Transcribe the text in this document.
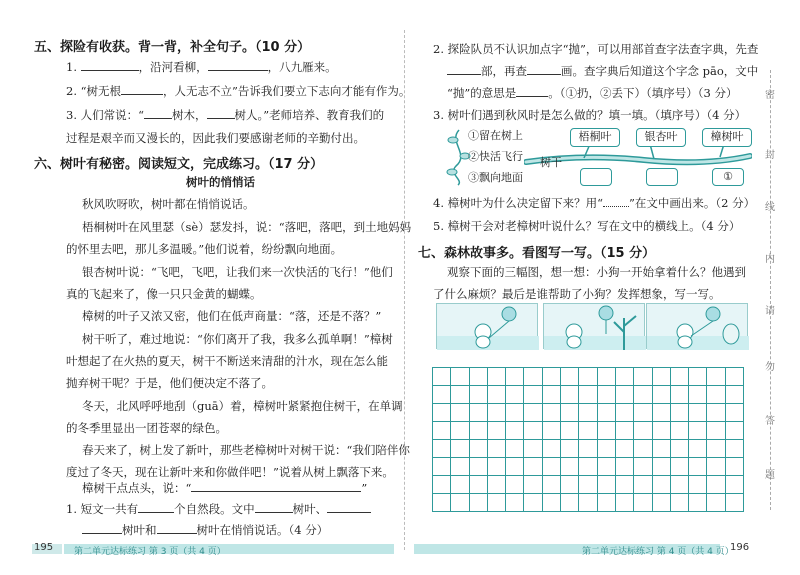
五、探险有收获。背一背，补全句子。（10 分）
1.	，沿河看柳，	，八九雁来。
2. “树无根	，人无志不立”告诉我们要立下志向才能有作为。
3. 人们常说：“ 树木， 树人。”老师培养、教育我们的
过程是艰辛而又漫长的，因此我们要感谢老师的辛勤付出。
六、树叶有秘密。阅读短文，完成练习。（17 分）
树叶的悄悄话
秋风吹呀吹，树叶都在悄悄说话。
梧桐树叶在风里瑟（sè）瑟发抖，说：“落吧，落吧，到土地妈妈
的怀里去吧，那儿多温暖。”他们说着，纷纷飘向地面。
银杏树叶说：“飞吧，飞吧，让我们来一次快活的飞行！”他们
真的飞起来了，像一只只金黄的蝴蝶。
樟树的叶子又浓又密，他们在低声商量：“落，还是不落？”
树干听了，难过地说：“你们离开了我，我多么孤单啊！”樟树
叶想起了在火热的夏天，树干不断送来清甜的汁水，现在怎么能
抛弃树干呢？于是，他们便决定不落了。
冬天，北风呼呼地刮（guā）着，樟树叶紧紧抱住树干，在单调
的冬季里显出一团苍翠的绿色。
春天来了，树上发了新叶，那些老樟树叶对树干说：“我们陪伴你
度过了冬天，现在让新叶来和你做伴吧！”说着从树上飘落下来。
樟树干点点头，说：“	”
1. 短文一共有	个自然段。文中	树叶、
树叶和	树叶在悄悄说话。（4 分）
195 第二单元达标练习 第 3 页（共 4 页）
2. 探险队员不认识加点字“抛”，可以用部首查字法查字典，先查
部，再查	画。查字典后知道这个字念 pāo，文中
“抛”的意思是	。（①扔，②丢下）（填序号）（3 分）
3. 树叶们遇到秋风时是怎么做的？填一填。（填序号）（4 分）
①留在树上
②快活飞行
③飘向地面
树干
梧桐叶	银杏叶	樟树叶
①
4. 樟树叶为什么决定留下来？用“ ”在文中画出来。（2 分）
5. 樟树干会对老樟树叶说什么？写在文中的横线上。（4 分）
七、森林故事多。看图写一写。（15 分）
观察下面的三幅图，想一想：小狗一开始拿着什么？他遇到
了什么麻烦？最后是谁帮助了小狗？发挥想象，写一写。

第二单元达标练习 第 4 页（共 4 页）
196
密
封
线
内
请
勿
答
题
